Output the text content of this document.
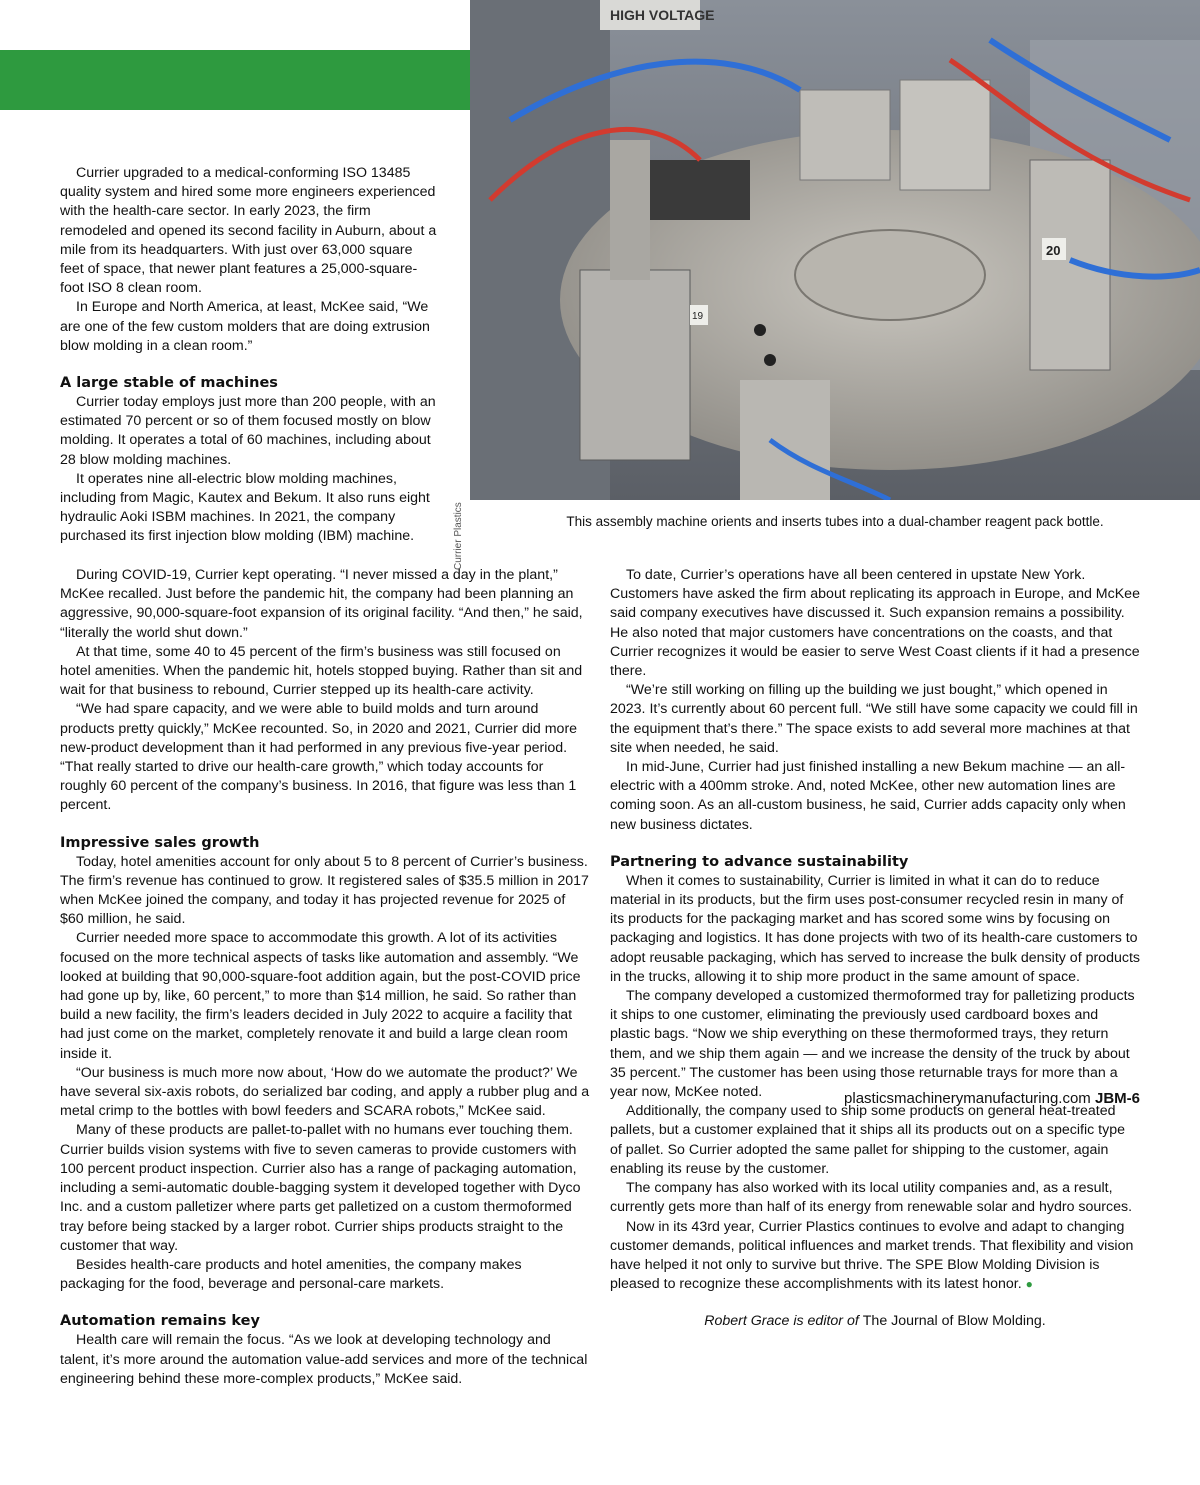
HIGH VOLTAGE
20
19
Currier Plastics	This assembly machine orients and inserts tubes into a dual-chamber reagent pack bottle.

Currier upgraded to a medical-conforming ISO 13485 quality system and hired some more engineers experienced with the health-care sector. In early 2023, the firm remodeled and opened its second facility in Auburn, about a mile from its headquarters. With just over 63,000 square feet of space, that newer plant features a 25,000-square-foot ISO 8 clean room.

In Europe and North America, at least, McKee said, “We are one of the few custom molders that are doing extrusion blow molding in a clean room.”

A large stable of machines

Currier today employs just more than 200 people, with an estimated 70 percent or so of them focused mostly on blow molding. It operates a total of 60 machines, including about 28 blow molding machines.

It operates nine all-electric blow molding machines, including from Magic, Kautex and Bekum. It also runs eight hydraulic Aoki ISBM machines. In 2021, the company purchased its first injection blow molding (IBM) machine.

During COVID-19, Currier kept operating. “I never missed a day in the plant,” McKee recalled. Just before the pandemic hit, the company had been planning an aggressive, 90,000-square-foot expansion of its original facility. “And then,” he said, “literally the world shut down.”

At that time, some 40 to 45 percent of the firm’s business was still focused on hotel amenities. When the pandemic hit, hotels stopped buying. Rather than sit and wait for that business to rebound, Currier stepped up its health-care activity.

“We had spare capacity, and we were able to build molds and turn around products pretty quickly,” McKee recounted. So, in 2020 and 2021, Currier did more new-product development than it had performed in any previous five-year period. “That really started to drive our health-care growth,” which today accounts for roughly 60 percent of the company’s business. In 2016, that figure was less than 1 percent.

Impressive sales growth

Today, hotel amenities account for only about 5 to 8 percent of Currier’s business. The firm’s revenue has continued to grow. It registered sales of $35.5 million in 2017 when McKee joined the company, and today it has projected revenue for 2025 of $60 million, he said.

Currier needed more space to accommodate this growth. A lot of its activities focused on the more technical aspects of tasks like automation and assembly. “We looked at building that 90,000-square-foot addition again, but the post-COVID price had gone up by, like, 60 percent,” to more than $14 million, he said. So rather than build a new facility, the firm’s leaders decided in July 2022 to acquire a facility that had just come on the market, completely renovate it and build a large clean room inside it.

“Our business is much more now about, ‘How do we automate the product?’ We have several six-axis robots, do serialized bar coding, and apply a rubber plug and a metal crimp to the bottles with bowl feeders and SCARA robots,” McKee said.

Many of these products are pallet-to-pallet with no humans ever touching them. Currier builds vision systems with five to seven cameras to provide customers with 100 percent product inspection. Currier also has a range of packaging automation, including a semi-automatic double-bagging system it developed together with Dyco Inc. and a custom palletizer where parts get palletized on a custom thermoformed tray before being stacked by a larger robot. Currier ships products straight to the customer that way.

Besides health-care products and hotel amenities, the company makes packaging for the food, beverage and personal-care markets.

Automation remains key

Health care will remain the focus. “As we look at developing technology and talent, it’s more around the automation value-add services and more of the technical engineering behind these more-complex products,” McKee said.

To date, Currier’s operations have all been centered in upstate New York. Customers have asked the firm about replicating its approach in Europe, and McKee said company executives have discussed it. Such expansion remains a possibility. He also noted that major customers have concentrations on the coasts, and that Currier recognizes it would be easier to serve West Coast clients if it had a presence there.

“We’re still working on filling up the building we just bought,” which opened in 2023. It’s currently about 60 percent full. “We still have some capacity we could fill in the equipment that’s there.” The space exists to add several more machines at that site when needed, he said.

In mid-June, Currier had just finished installing a new Bekum machine — an all-electric with a 400mm stroke. And, noted McKee, other new automation lines are coming soon. As an all-custom business, he said, Currier adds capacity only when new business dictates.

Partnering to advance sustainability

When it comes to sustainability, Currier is limited in what it can do to reduce material in its products, but the firm uses post-consumer recycled resin in many of its products for the packaging market and has scored some wins by focusing on packaging and logistics. It has done projects with two of its health-care customers to adopt reusable packaging, which has served to increase the bulk density of products in the trucks, allowing it to ship more product in the same amount of space.

The company developed a customized thermoformed tray for palletizing products it ships to one customer, eliminating the previously used cardboard boxes and plastic bags. “Now we ship everything on these thermoformed trays, they return them, and we ship them again — and we increase the density of the truck by about 35 percent.” The customer has been using those returnable trays for more than a year now, McKee noted.

Additionally, the company used to ship some products on general heat-treated pallets, but a customer explained that it ships all its products out on a specific type of pallet. So Currier adopted the same pallet for shipping to the customer, again enabling its reuse by the customer.

The company has also worked with its local utility companies and, as a result, currently gets more than half of its energy from renewable solar and hydro sources.

Now in its 43rd year, Currier Plastics continues to evolve and adapt to changing customer demands, political influences and market trends. That flexibility and vision have helped it not only to survive but thrive. The SPE Blow Molding Division is pleased to recognize these accomplishments with its latest honor. ●

Robert Grace is editor of The Journal of Blow Molding.

plasticsmachinerymanufacturing.com JBM-6
